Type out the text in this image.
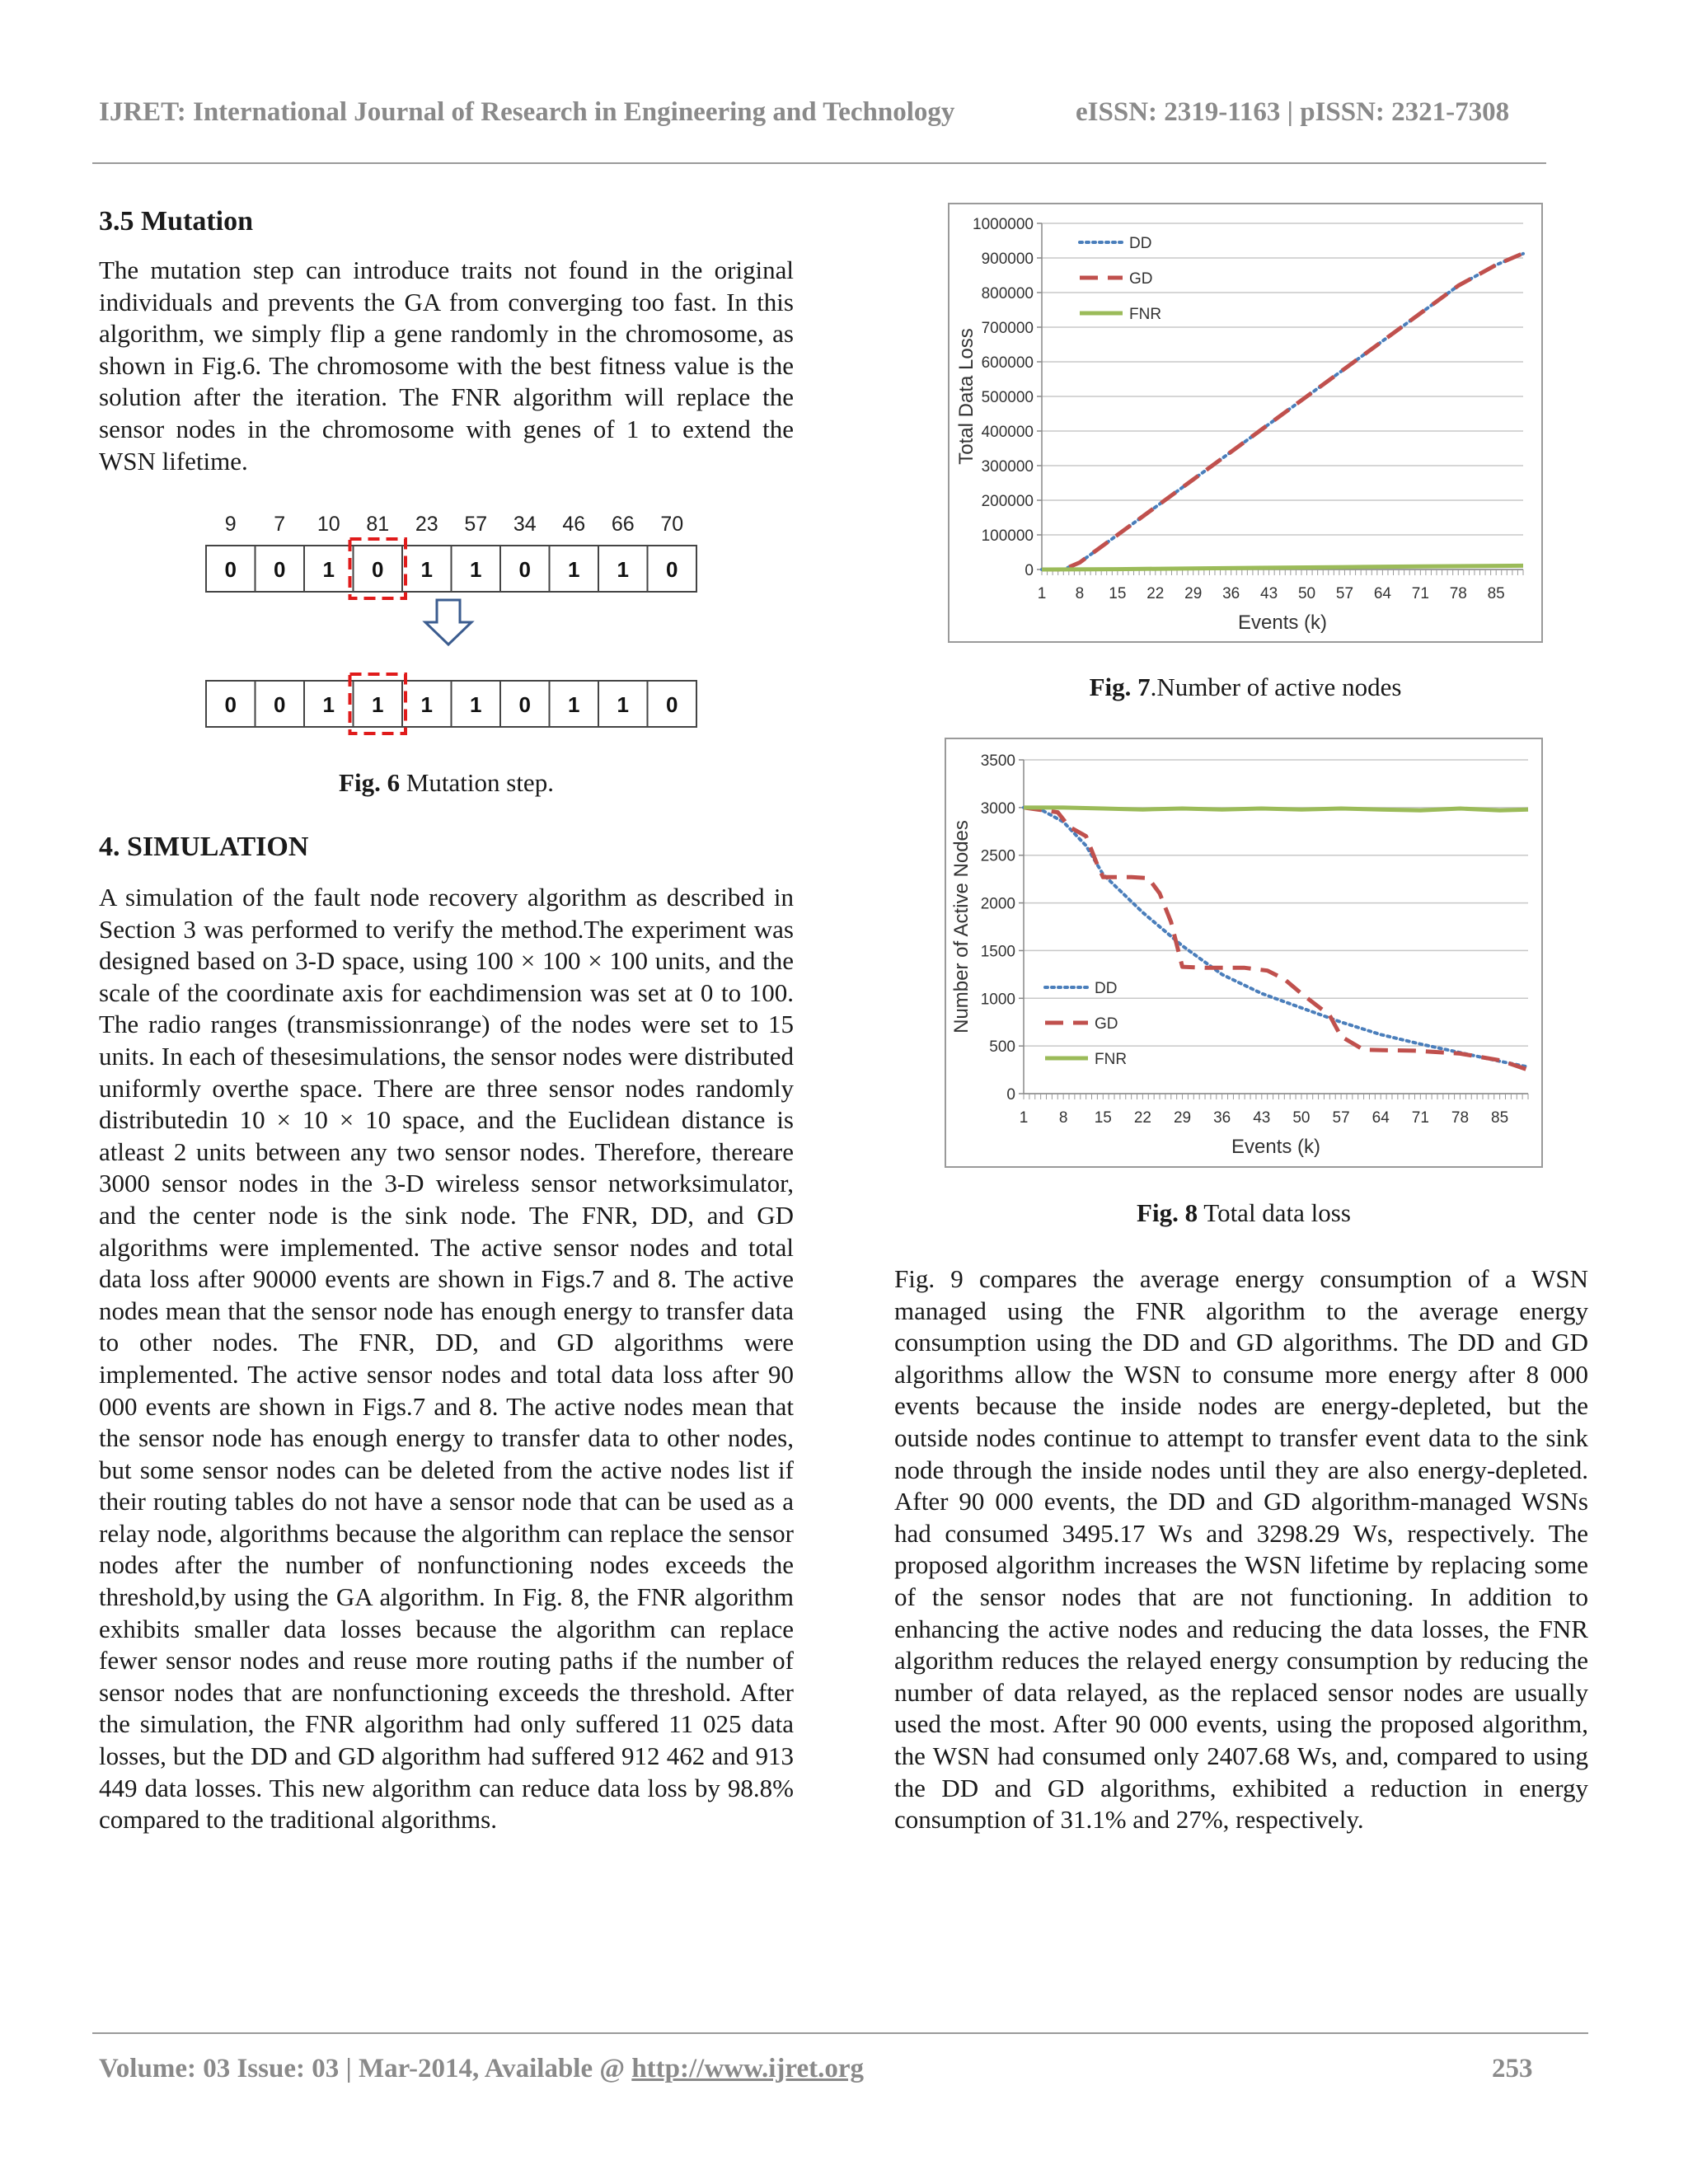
IJRET: International Journal of Research in Engineering and Technology	eISSN: 2319-1163 | pISSN: 2321-7308
3.5 Mutation

The mutation step can introduce traits not found in the original individuals and prevents the GA from converging too fast. In this algorithm, we simply flip a gene randomly in the chromosome, as shown in Fig.6. The chromosome with the best fitness value is the solution after the iteration. The FNR algorithm will replace the sensor nodes in the chromosome with genes of 1 to extend the WSN lifetime.

9 7 10 81 23 57 34 46 66 70
0 0 1 0 1 1 0 1 1 0
0 0 1 1 1 1 0 1 1 0
Fig. 6 Mutation step.
4. SIMULATION

A simulation of the fault node recovery algorithm as described in Section 3 was performed to verify the method.The experiment was designed based on 3-D space, using 100 × 100 × 100 units, and the scale of the coordinate axis for eachdimension was set at 0 to 100. The radio ranges (transmissionrange) of the nodes were set to 15 units. In each of thesesimulations, the sensor nodes were distributed uniformly overthe space. There are three sensor nodes randomly distributedin 10 × 10 × 10 space, and the Euclidean distance is atleast 2 units between any two sensor nodes. Therefore, thereare 3000 sensor nodes in the 3-D wireless sensor networksimulator, and the center node is the sink node. The FNR, DD, and GD algorithms were implemented. The active sensor nodes and total data loss after 90000 events are shown in Figs.7 and 8. The active nodes mean that the sensor node has enough energy to transfer data to other nodes. The FNR, DD, and GD algorithms were implemented. The active sensor nodes and total data loss after 90 000 events are shown in Figs.7 and 8. The active nodes mean that the sensor node has enough energy to transfer data to other nodes, but some sensor nodes can be deleted from the active nodes list if their routing tables do not have a sensor node that can be used as a relay node, algorithms because the algorithm can replace the sensor nodes after the number of nonfunctioning nodes exceeds the threshold,by using the GA algorithm. In Fig. 8, the FNR algorithm exhibits smaller data losses because the algorithm can replace fewer sensor nodes and reuse more routing paths if the number of sensor nodes that are nonfunctioning exceeds the threshold. After the simulation, the FNR algorithm had only suffered 11 025 data losses, but the DD and GD algorithm had suffered 912 462 and 913 449 data losses. This new algorithm can reduce data loss by 98.8% compared to the traditional algorithms.

DD
GD
FNR
1000000
900000
800000
700000
600000
500000
400000
300000
200000
100000
0
1 8 15 22 29 36 43 50 57 64 71 78 85
Events (k)
Total Data Loss
Fig. 7.Number of active nodes
DD
GD
FNR
3500
3000
2500
2000
1500
1000
500
0
1 8 15 22 29 36 43 50 57 64 71 78 85
Events (k)
Number of Active Nodes
Fig. 8 Total data loss

Fig. 9 compares the average energy consumption of a WSN managed using the FNR algorithm to the average energy consumption using the DD and GD algorithms. The DD and GD algorithms allow the WSN to consume more energy after 8 000 events because the inside nodes are energy-depleted, but the outside nodes continue to attempt to transfer event data to the sink node through the inside nodes until they are also energy-depleted. After 90 000 events, the DD and GD algorithm-managed WSNs had consumed 3495.17 Ws and 3298.29 Ws, respectively. The proposed algorithm increases the WSN lifetime by replacing some of the sensor nodes that are not functioning. In addition to enhancing the active nodes and reducing the data losses, the FNR algorithm reduces the relayed energy consumption by reducing the number of data relayed, as the replaced sensor nodes are usually used the most. After 90 000 events, using the proposed algorithm, the WSN had consumed only 2407.68 Ws, and, compared to using the DD and GD algorithms, exhibited a reduction in energy consumption of 31.1% and 27%, respectively.

Volume: 03 Issue: 03 | Mar-2014, Available @ http://www.ijret.org	253
